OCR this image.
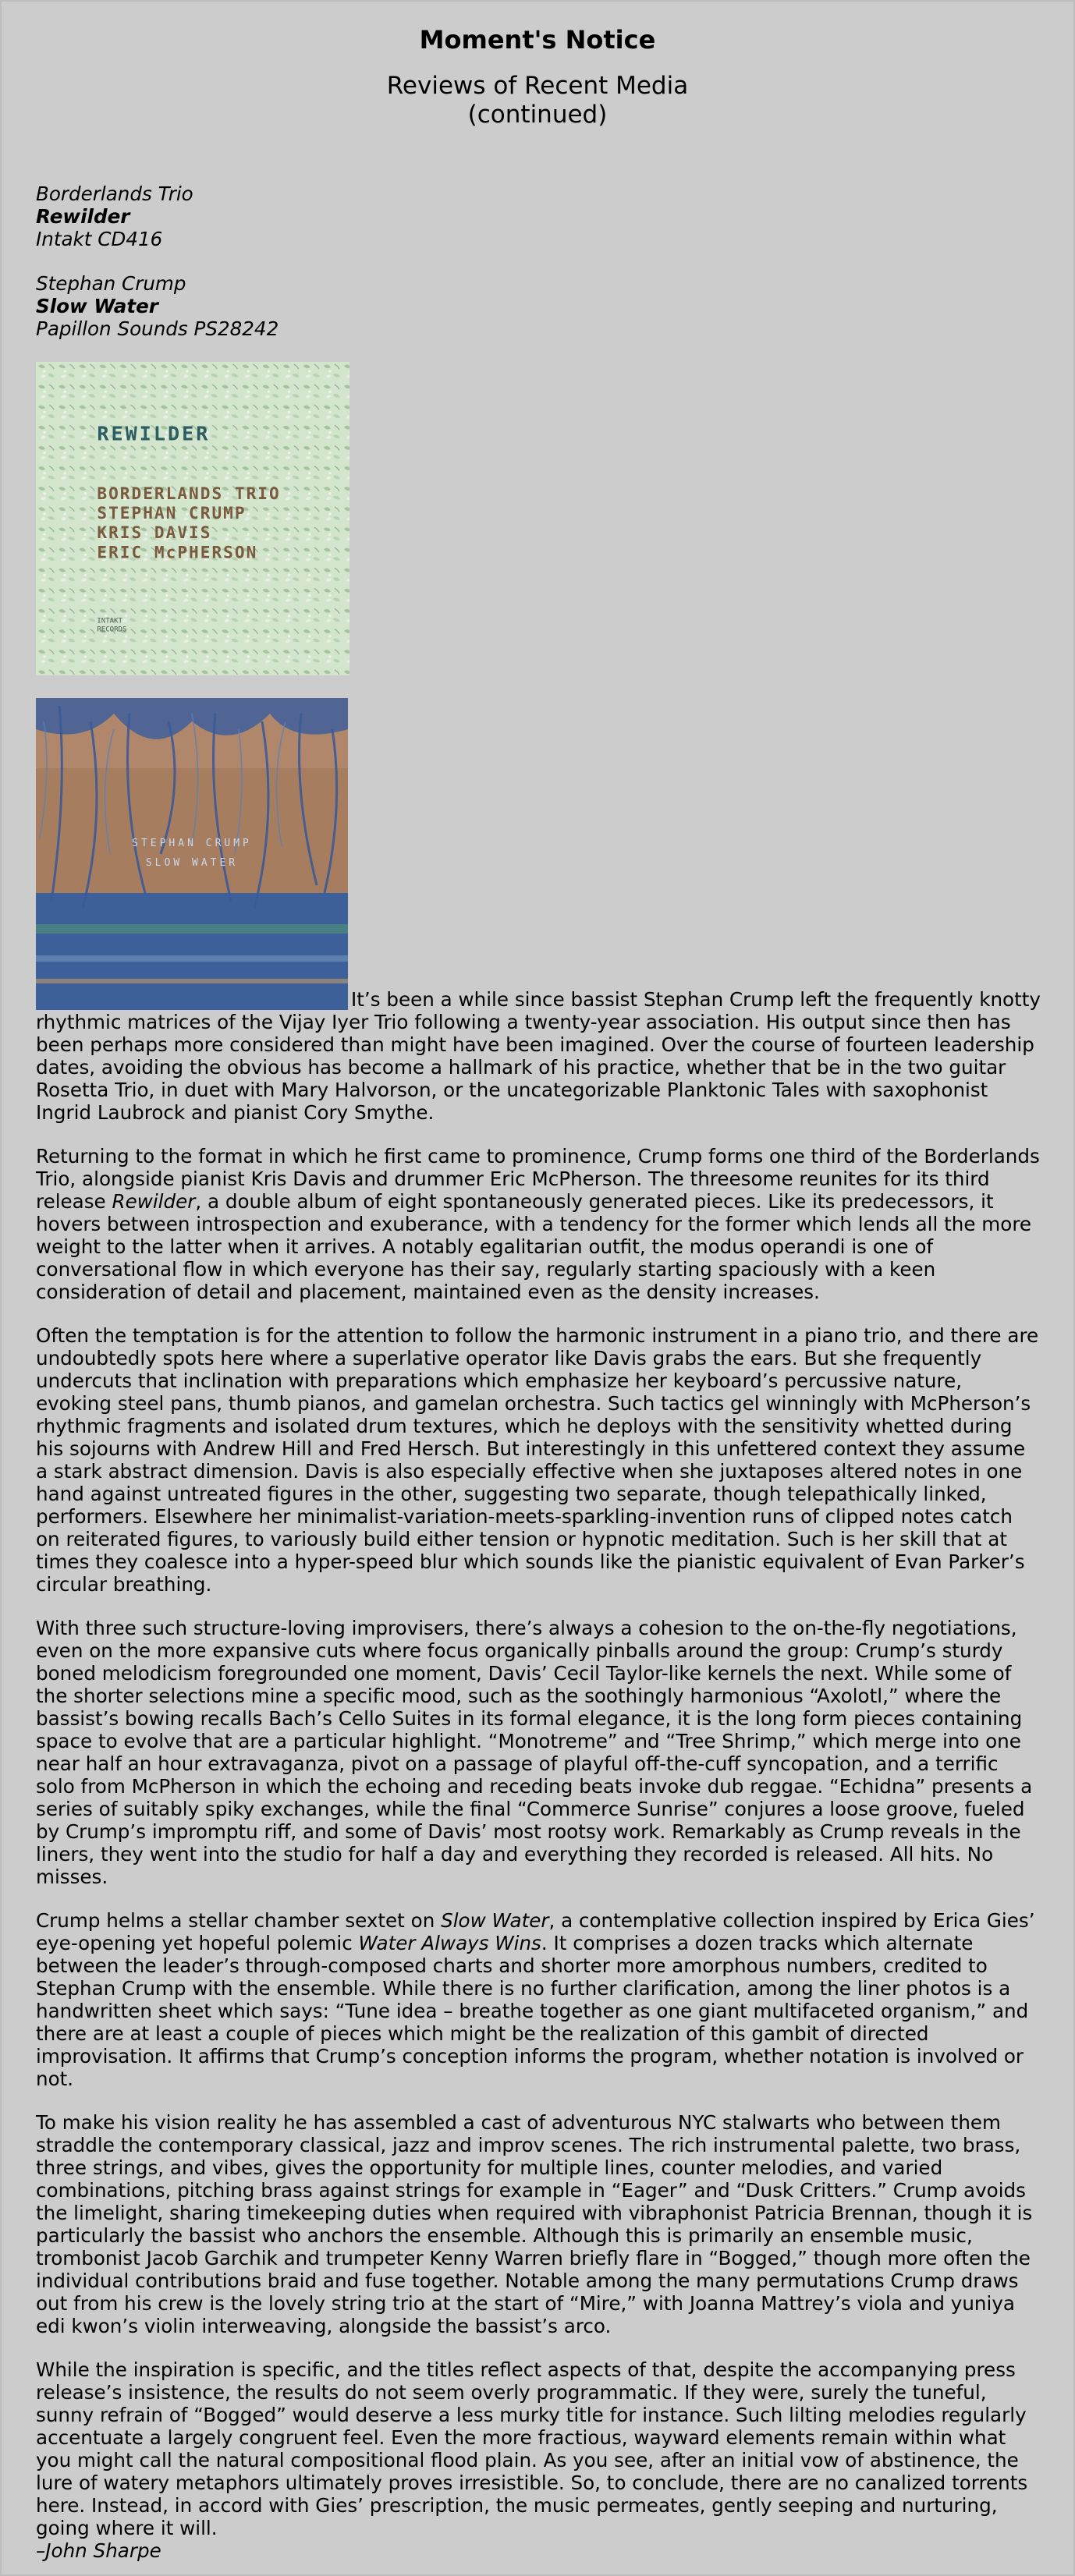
Moment's Notice
Reviews of Recent Media
(continued)
Borderlands Trio
Rewilder
Intakt CD416
Stephan Crump
Slow Water
Papillon Sounds PS28242
REWILDER
BORDERLANDS TRIO
STEPHAN CRUMP
KRIS DAVIS
ERIC McPHERSON
INTAKT
RECORDS

STEPHAN CRUMP
SLOW WATER
It’s been a while since bassist Stephan Crump left the frequently knotty rhythmic matrices of the Vijay Iyer Trio following a twenty-year association. His output since then has been perhaps more considered than might have been imagined. Over the course of fourteen leadership dates, avoiding the obvious has become a hallmark of his practice, whether that be in the two guitar Rosetta Trio, in duet with Mary Halvorson, or the uncategorizable Planktonic Tales with saxophonist Ingrid Laubrock and pianist Cory Smythe.

Returning to the format in which he first came to prominence, Crump forms one third of the Borderlands Trio, alongside pianist Kris Davis and drummer Eric McPherson. The threesome reunites for its third release Rewilder, a double album of eight spontaneously generated pieces. Like its predecessors, it hovers between introspection and exuberance, with a tendency for the former which lends all the more weight to the latter when it arrives. A notably egalitarian outfit, the modus operandi is one of conversational flow in which everyone has their say, regularly starting spaciously with a keen consideration of detail and placement, maintained even as the density increases.

Often the temptation is for the attention to follow the harmonic instrument in a piano trio, and there are undoubtedly spots here where a superlative operator like Davis grabs the ears. But she frequently undercuts that inclination with preparations which emphasize her keyboard’s percussive nature, evoking steel pans, thumb pianos, and gamelan orchestra. Such tactics gel winningly with McPherson’s rhythmic fragments and isolated drum textures, which he deploys with the sensitivity whetted during his sojourns with Andrew Hill and Fred Hersch. But interestingly in this unfettered context they assume a stark abstract dimension. Davis is also especially effective when she juxtaposes altered notes in one hand against untreated figures in the other, suggesting two separate, though telepathically linked, performers. Elsewhere her minimalist-variation-meets-sparkling-invention runs of clipped notes catch on reiterated figures, to variously build either tension or hypnotic meditation. Such is her skill that at times they coalesce into a hyper-speed blur which sounds like the pianistic equivalent of Evan Parker’s circular breathing.

With three such structure-loving improvisers, there’s always a cohesion to the on-the-fly negotiations, even on the more expansive cuts where focus organically pinballs around the group: Crump’s sturdy boned melodicism foregrounded one moment, Davis’ Cecil Taylor-like kernels the next. While some of the shorter selections mine a specific mood, such as the soothingly harmonious “Axolotl,” where the bassist’s bowing recalls Bach’s Cello Suites in its formal elegance, it is the long form pieces containing space to evolve that are a particular highlight. “Monotreme” and “Tree Shrimp,” which merge into one near half an hour extravaganza, pivot on a passage of playful off-the-cuff syncopation, and a terrific solo from McPherson in which the echoing and receding beats invoke dub reggae. “Echidna” presents a series of suitably spiky exchanges, while the final “Commerce Sunrise” conjures a loose groove, fueled by Crump’s impromptu riff, and some of Davis’ most rootsy work. Remarkably as Crump reveals in the liners, they went into the studio for half a day and everything they recorded is released. All hits. No misses.

Crump helms a stellar chamber sextet on Slow Water, a contemplative collection inspired by Erica Gies’ eye-opening yet hopeful polemic Water Always Wins. It comprises a dozen tracks which alternate between the leader’s through-composed charts and shorter more amorphous numbers, credited to Stephan Crump with the ensemble. While there is no further clarification, among the liner photos is a handwritten sheet which says: “Tune idea – breathe together as one giant multifaceted organism,” and there are at least a couple of pieces which might be the realization of this gambit of directed improvisation. It affirms that Crump’s conception informs the program, whether notation is involved or not.

To make his vision reality he has assembled a cast of adventurous NYC stalwarts who between them straddle the contemporary classical, jazz and improv scenes. The rich instrumental palette, two brass, three strings, and vibes, gives the opportunity for multiple lines, counter melodies, and varied combinations, pitching brass against strings for example in “Eager” and “Dusk Critters.” Crump avoids the limelight, sharing timekeeping duties when required with vibraphonist Patricia Brennan, though it is particularly the bassist who anchors the ensemble. Although this is primarily an ensemble music, trombonist Jacob Garchik and trumpeter Kenny Warren briefly flare in “Bogged,” though more often the individual contributions braid and fuse together. Notable among the many permutations Crump draws out from his crew is the lovely string trio at the start of “Mire,” with Joanna Mattrey’s viola and yuniya edi kwon’s violin interweaving, alongside the bassist’s arco.

While the inspiration is specific, and the titles reflect aspects of that, despite the accompanying press release’s insistence, the results do not seem overly programmatic. If they were, surely the tuneful, sunny refrain of “Bogged” would deserve a less murky title for instance. Such lilting melodies regularly accentuate a largely congruent feel. Even the more fractious, wayward elements remain within what you might call the natural compositional flood plain. As you see, after an initial vow of abstinence, the lure of watery metaphors ultimately proves irresistible. So, to conclude, there are no canalized torrents here. Instead, in accord with Gies’ prescription, the music permeates, gently seeping and nurturing, going where it will.
–John Sharpe
